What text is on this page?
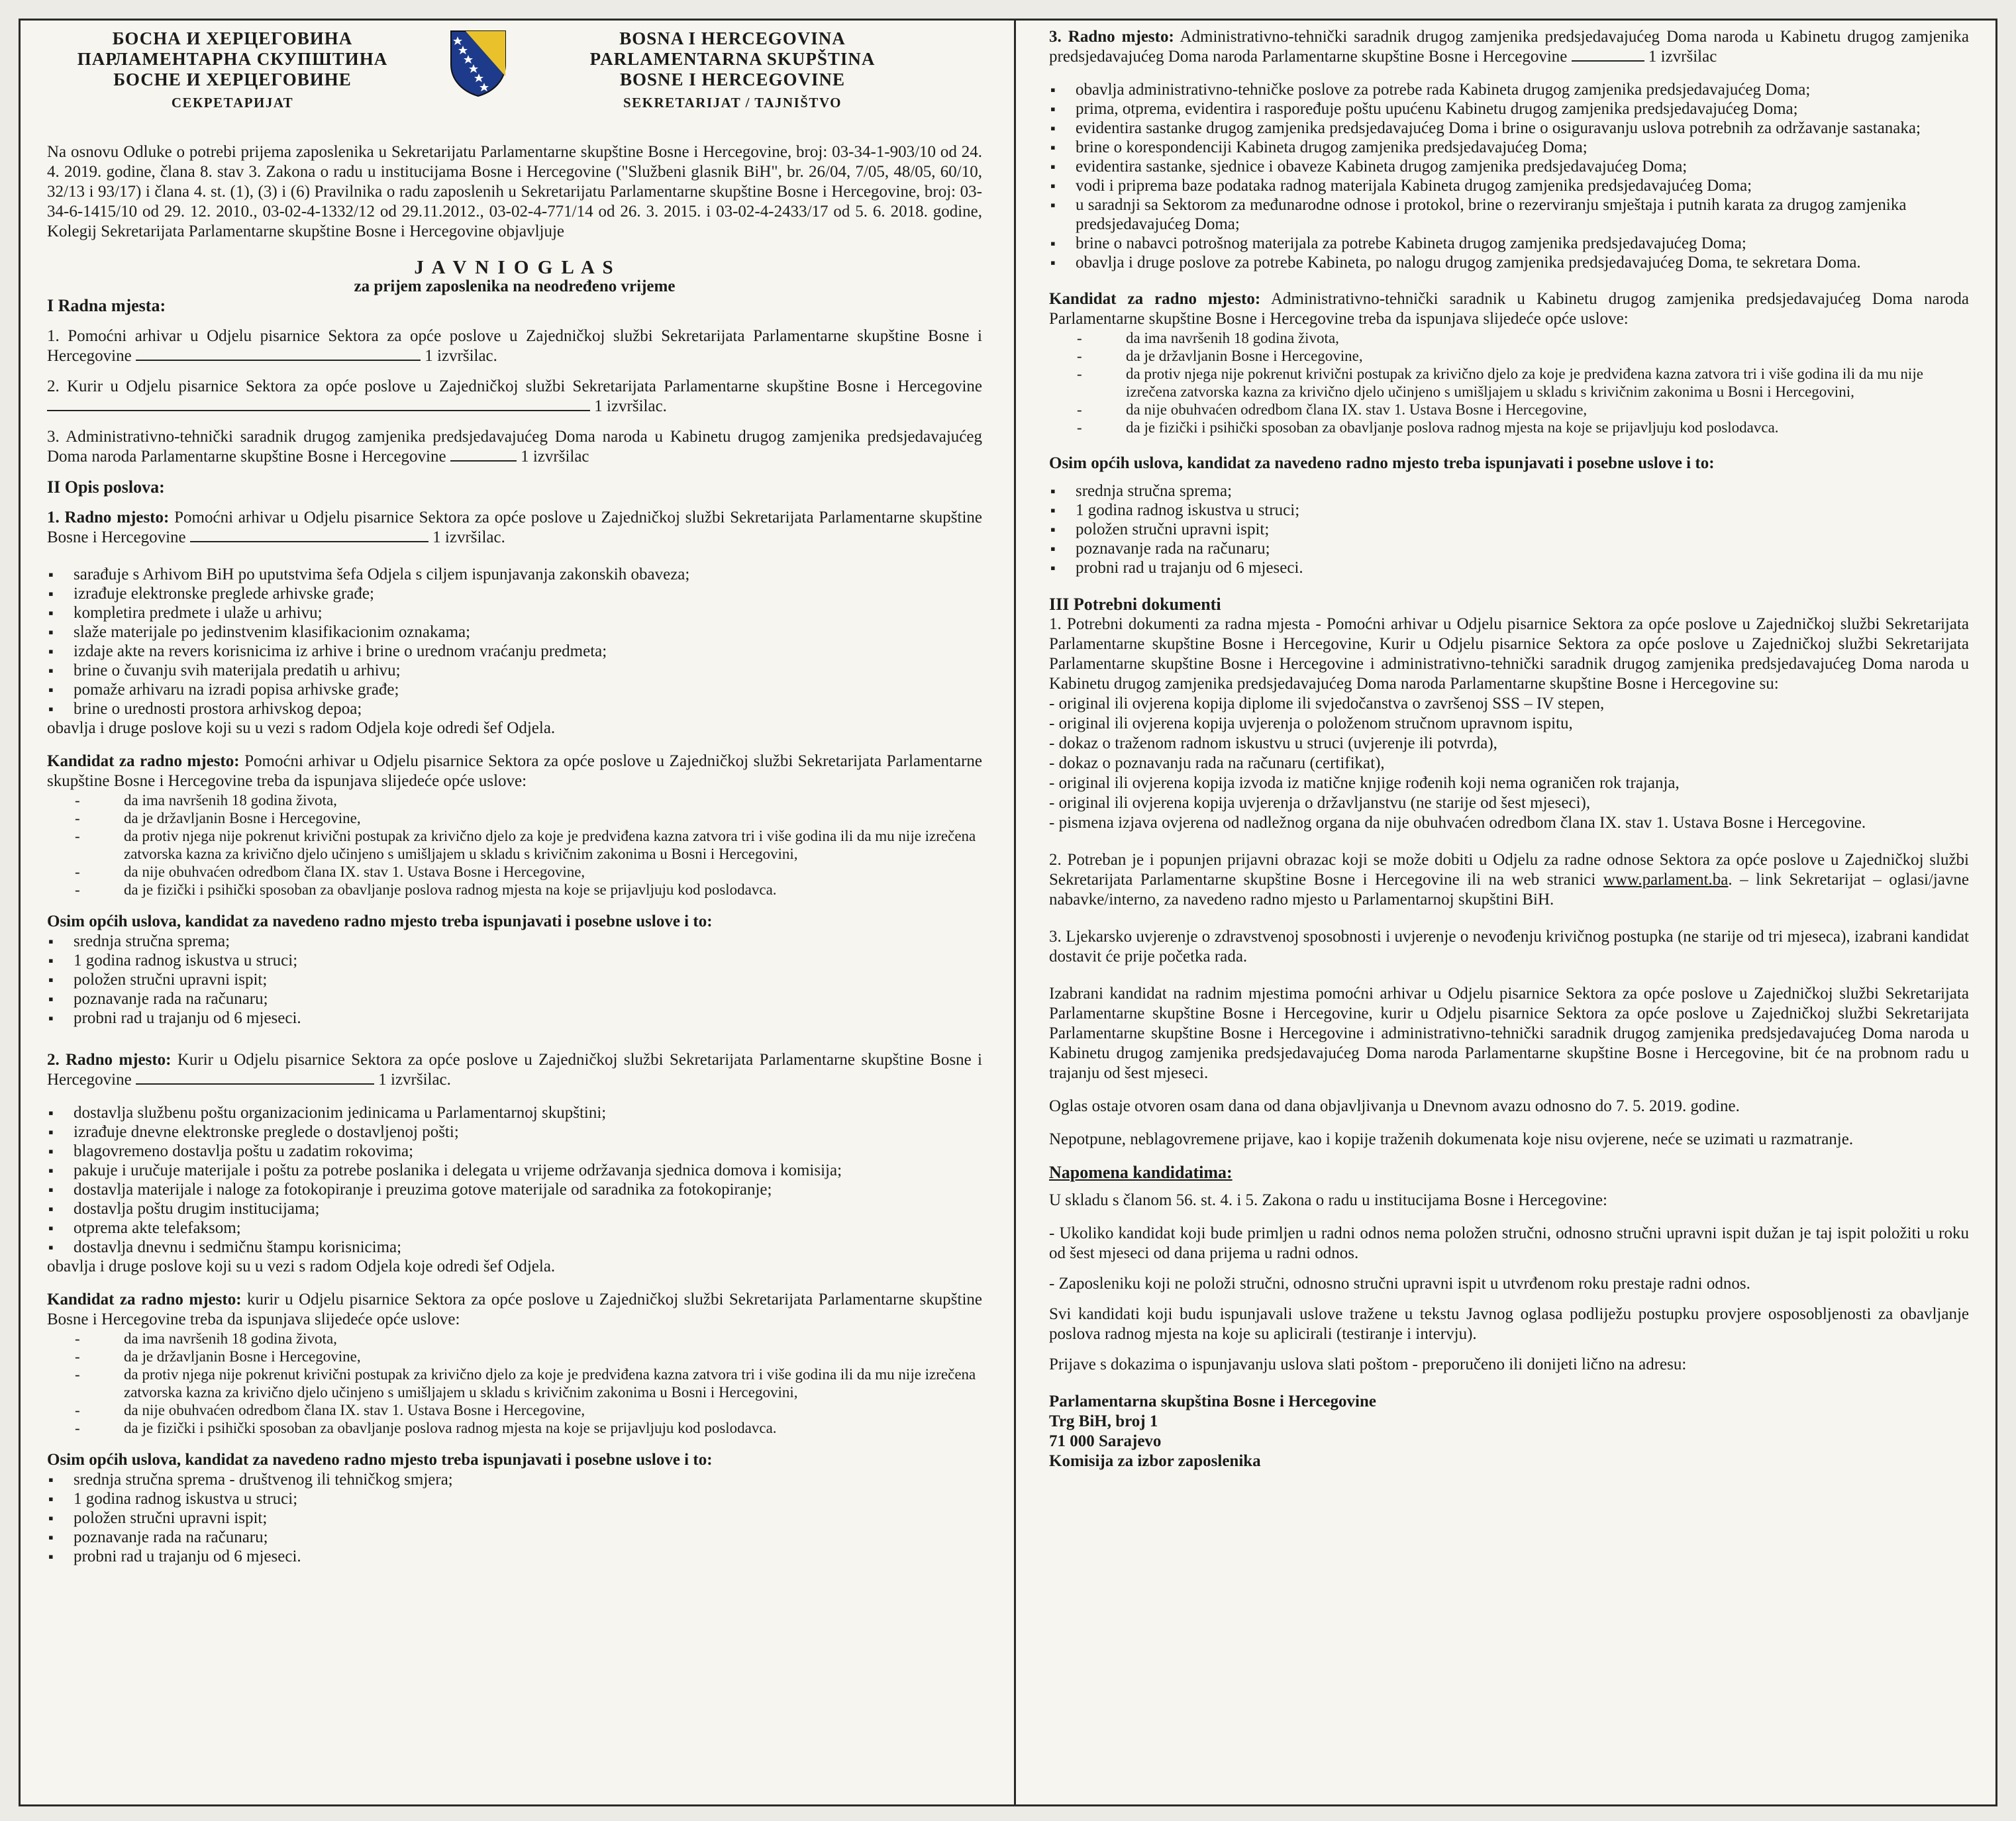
БОСНА И ХЕРЦЕГОВИНА
ПАРЛАМЕНТАРНА СКУПШТИНА
БОСНЕ И ХЕРЦЕГОВИНЕ
СЕКРЕТАРИЈАТ
BOSNA I HERCEGOVINA
PARLAMENTARNA SKUPŠTINA
BOSNE I HERCEGOVINE
SEKRETARIJAT / TAJNIŠTVO

Na osnovu Odluke o potrebi prijema zaposlenika u Sekretarijatu Parlamentarne skupštine Bosne i Hercegovine, broj: 03-34-1-903/10 od 24. 4. 2019. godine, člana 8. stav 3. Zakona o radu u institucijama Bosne i Hercegovine ("Službeni glasnik BiH", br. 26/04, 7/05, 48/05, 60/10, 32/13 i 93/17) i člana 4. st. (1), (3) i (6) Pravilnika o radu zaposlenih u Sekretarijatu Parlamentarne skupštine Bosne i Hercegovine, broj: 03-34-6-1415/10 od 29. 12. 2010., 03-02-4-1332/12 od 29.11.2012., 03-02-4-771/14 od 26. 3. 2015. i 03-02-4-2433/17 od 5. 6. 2018. godine, Kolegij Sekretarijata Parlamentarne skupštine Bosne i Hercegovine objavljuje

J A V N I O G L A S
za prijem zaposlenika na neodređeno vrijeme
I Radna mjesta:

1. Pomoćni arhivar u Odjelu pisarnice Sektora za opće poslove u Zajedničkoj službi Sekretarijata Parlamentarne skupštine Bosne i Hercegovine	1 izvršilac.

2. Kurir u Odjelu pisarnice Sektora za opće poslove u Zajedničkoj službi Sekretarijata Parlamentarne skupštine Bosne i Hercegovine  1 izvršilac.

3. Administrativno-tehnički saradnik drugog zamjenika predsjedavajućeg Doma naroda u Kabinetu drugog zamjenika predsjedavajućeg Doma naroda Parlamentarne skupštine Bosne i Hercegovine	1 izvršilac

II Opis poslova:

1. Radno mjesto: Pomoćni arhivar u Odjelu pisarnice Sektora za opće poslove u Zajedničkoj službi Sekretarijata Parlamentarne skupštine Bosne i Hercegovine	1 izvršilac.

▪ sarađuje s Arhivom BiH po uputstvima šefa Odjela s ciljem ispunjavanja zakonskih obaveza;
▪ izrađuje elektronske preglede arhivske građe;
▪ kompletira predmete i ulaže u arhivu;
▪ slaže materijale po jedinstvenim klasifikacionim oznakama;
▪ izdaje akte na revers korisnicima iz arhive i brine o urednom vraćanju predmeta;
▪ brine o čuvanju svih materijala predatih u arhivu;
▪ pomaže arhivaru na izradi popisa arhivske građe;
▪ brine o urednosti prostora arhivskog depoa;

obavlja i druge poslove koji su u vezi s radom Odjela koje odredi šef Odjela.

Kandidat za radno mjesto: Pomoćni arhivar u Odjelu pisarnice Sektora za opće poslove u Zajedničkoj službi Sekretarijata Parlamentarne skupštine Bosne i Hercegovine treba da ispunjava slijedeće opće uslove:

- da ima navršenih 18 godina života,
- da je državljanin Bosne i Hercegovine,
- da protiv njega nije pokrenut krivični postupak za krivično djelo za koje je predviđena kazna zatvora tri i više godina ili da mu nije izrečena zatvorska kazna za krivično djelo učinjeno s umišljajem u skladu s krivičnim zakonima u Bosni i Hercegovini,
- da nije obuhvaćen odredbom člana IX. stav 1. Ustava Bosne i Hercegovine,
- da je fizički i psihički sposoban za obavljanje poslova radnog mjesta na koje se prijavljuju kod poslodavca.

Osim općih uslova, kandidat za navedeno radno mjesto treba ispunjavati i posebne uslove i to:

▪ srednja stručna sprema;
▪ 1 godina radnog iskustva u struci;
▪ položen stručni upravni ispit;
▪ poznavanje rada na računaru;
▪ probni rad u trajanju od 6 mjeseci.

2. Radno mjesto: Kurir u Odjelu pisarnice Sektora za opće poslove u Zajedničkoj službi Sekretarijata Parlamentarne skupštine Bosne i Hercegovine	1 izvršilac.

▪ dostavlja službenu poštu organizacionim jedinicama u Parlamentarnoj skupštini;
▪ izrađuje dnevne elektronske preglede o dostavljenoj pošti;
▪ blagovremeno dostavlja poštu u zadatim rokovima;
▪ pakuje i uručuje materijale i poštu za potrebe poslanika i delegata u vrijeme održavanja sjednica domova i komisija;
▪ dostavlja materijale i naloge za fotokopiranje i preuzima gotove materijale od saradnika za fotokopiranje;
▪ dostavlja poštu drugim institucijama;
▪ otprema akte telefaksom;
▪ dostavlja dnevnu i sedmičnu štampu korisnicima;

obavlja i druge poslove koji su u vezi s radom Odjela koje odredi šef Odjela.

Kandidat za radno mjesto: kurir u Odjelu pisarnice Sektora za opće poslove u Zajedničkoj službi Sekretarijata Parlamentarne skupštine Bosne i Hercegovine treba da ispunjava slijedeće opće uslove:

- da ima navršenih 18 godina života,
- da je državljanin Bosne i Hercegovine,
- da protiv njega nije pokrenut krivični postupak za krivično djelo za koje je predviđena kazna zatvora tri i više godina ili da mu nije izrečena zatvorska kazna za krivično djelo učinjeno s umišljajem u skladu s krivičnim zakonima u Bosni i Hercegovini,
- da nije obuhvaćen odredbom člana IX. stav 1. Ustava Bosne i Hercegovine,
- da je fizički i psihički sposoban za obavljanje poslova radnog mjesta na koje se prijavljuju kod poslodavca.

Osim općih uslova, kandidat za navedeno radno mjesto treba ispunjavati i posebne uslove i to:

▪ srednja stručna sprema - društvenog ili tehničkog smjera;
▪ 1 godina radnog iskustva u struci;
▪ položen stručni upravni ispit;
▪ poznavanje rada na računaru;
▪ probni rad u trajanju od 6 mjeseci.

3. Radno mjesto: Administrativno-tehnički saradnik drugog zamjenika predsjedavajućeg Doma naroda u Kabinetu drugog zamjenika predsjedavajućeg Doma naroda Parlamentarne skupštine Bosne i Hercegovine	1 izvršilac

▪ obavlja administrativno-tehničke poslove za potrebe rada Kabineta drugog zamjenika predsjedavajućeg Doma;
▪ prima, otprema, evidentira i raspoređuje poštu upućenu Kabinetu drugog zamjenika predsjedavajućeg Doma;
▪ evidentira sastanke drugog zamjenika predsjedavajućeg Doma i brine o osiguravanju uslova potrebnih za održavanje sastanaka;
▪ brine o korespondenciji Kabineta drugog zamjenika predsjedavajućeg Doma;
▪ evidentira sastanke, sjednice i obaveze Kabineta drugog zamjenika predsjedavajućeg Doma;
▪ vodi i priprema baze podataka radnog materijala Kabineta drugog zamjenika predsjedavajućeg Doma;
▪ u saradnji sa Sektorom za međunarodne odnose i protokol, brine o rezerviranju smještaja i putnih karata za drugog zamjenika predsjedavajućeg Doma;
▪ brine o nabavci potrošnog materijala za potrebe Kabineta drugog zamjenika predsjedavajućeg Doma;
▪ obavlja i druge poslove za potrebe Kabineta, po nalogu drugog zamjenika predsjedavajućeg Doma, te sekretara Doma.

Kandidat za radno mjesto: Administrativno-tehnički saradnik u Kabinetu drugog zamjenika predsjedavajućeg Doma naroda Parlamentarne skupštine Bosne i Hercegovine treba da ispunjava slijedeće opće uslove:

- da ima navršenih 18 godina života,
- da je državljanin Bosne i Hercegovine,
- da protiv njega nije pokrenut krivični postupak za krivično djelo za koje je predviđena kazna zatvora tri i više godina ili da mu nije izrečena zatvorska kazna za krivično djelo učinjeno s umišljajem u skladu s krivičnim zakonima u Bosni i Hercegovini,
- da nije obuhvaćen odredbom člana IX. stav 1. Ustava Bosne i Hercegovine,
- da je fizički i psihički sposoban za obavljanje poslova radnog mjesta na koje se prijavljuju kod poslodavca.

Osim općih uslova, kandidat za navedeno radno mjesto treba ispunjavati i posebne uslove i to:

▪ srednja stručna sprema;
▪ 1 godina radnog iskustva u struci;
▪ položen stručni upravni ispit;
▪ poznavanje rada na računaru;
▪ probni rad u trajanju od 6 mjeseci.
III Potrebni dokumenti

1. Potrebni dokumenti za radna mjesta - Pomoćni arhivar u Odjelu pisarnice Sektora za opće poslove u Zajedničkoj službi Sekretarijata Parlamentarne skupštine Bosne i Hercegovine, Kurir u Odjelu pisarnice Sektora za opće poslove u Zajedničkoj službi Sekretarijata Parlamentarne skupštine Bosne i Hercegovine i administrativno-tehnički saradnik drugog zamjenika predsjedavajućeg Doma naroda u Kabinetu drugog zamjenika predsjedavajućeg Doma naroda Parlamentarne skupštine Bosne i Hercegovine su:

- original ili ovjerena kopija diplome ili svjedočanstva o završenoj SSS – IV stepen,

- original ili ovjerena kopija uvjerenja o položenom stručnom upravnom ispitu,

- dokaz o traženom radnom iskustvu u struci (uvjerenje ili potvrda),

- dokaz o poznavanju rada na računaru (certifikat),

- original ili ovjerena kopija izvoda iz matične knjige rođenih koji nema ograničen rok trajanja,

- original ili ovjerena kopija uvjerenja o državljanstvu (ne starije od šest mjeseci),

- pismena izjava ovjerena od nadležnog organa da nije obuhvaćen odredbom člana IX. stav 1. Ustava Bosne i Hercegovine.

2. Potreban je i popunjen prijavni obrazac koji se može dobiti u Odjelu za radne odnose Sektora za opće poslove u Zajedničkoj službi Sekretarijata Parlamentarne skupštine Bosne i Hercegovine ili na web stranici www.parlament.ba. – link Sekretarijat – oglasi/javne nabavke/interno, za navedeno radno mjesto u Parlamentarnoj skupštini BiH.

3. Ljekarsko uvjerenje o zdravstvenoj sposobnosti i uvjerenje o nevođenju krivičnog postupka (ne starije od tri mjeseca), izabrani kandidat dostavit će prije početka rada.

Izabrani kandidat na radnim mjestima pomoćni arhivar u Odjelu pisarnice Sektora za opće poslove u Zajedničkoj službi Sekretarijata Parlamentarne skupštine Bosne i Hercegovine, kurir u Odjelu pisarnice Sektora za opće poslove u Zajedničkoj službi Sekretarijata Parlamentarne skupštine Bosne i Hercegovine i administrativno-tehnički saradnik drugog zamjenika predsjedavajućeg Doma naroda u Kabinetu drugog zamjenika predsjedavajućeg Doma naroda Parlamentarne skupštine Bosne i Hercegovine, bit će na probnom radu u trajanju od šest mjeseci.

Oglas ostaje otvoren osam dana od dana objavljivanja u Dnevnom avazu odnosno do 7. 5. 2019. godine.

Nepotpune, neblagovremene prijave, kao i kopije traženih dokumenata koje nisu ovjerene, neće se uzimati u razmatranje.

Napomena kandidatima:

U skladu s članom 56. st. 4. i 5. Zakona o radu u institucijama Bosne i Hercegovine:

- Ukoliko kandidat koji bude primljen u radni odnos nema položen stručni, odnosno stručni upravni ispit dužan je taj ispit položiti u roku od šest mjeseci od dana prijema u radni odnos.

- Zaposleniku koji ne položi stručni, odnosno stručni upravni ispit u utvrđenom roku prestaje radni odnos.

Svi kandidati koji budu ispunjavali uslove tražene u tekstu Javnog oglasa podliježu postupku provjere osposobljenosti za obavljanje poslova radnog mjesta na koje su aplicirali (testiranje i intervju).

Prijave s dokazima o ispunjavanju uslova slati poštom - preporučeno ili donijeti lično na adresu:

Parlamentarna skupština Bosne i Hercegovine
Trg BiH, broj 1
71 000 Sarajevo
Komisija za izbor zaposlenika
